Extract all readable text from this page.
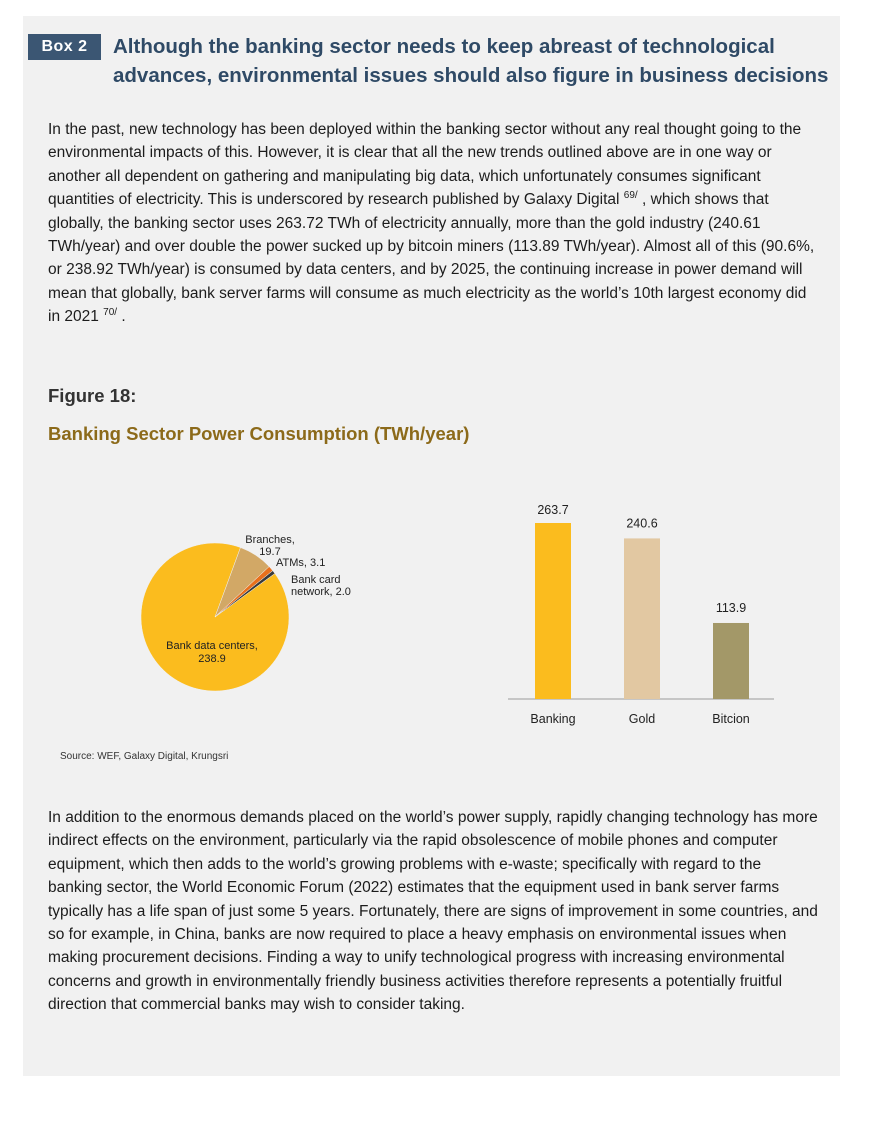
Box 2	Although the banking sector needs to keep abreast of technological
advances, environmental issues should also figure in business decisions

In the past, new technology has been deployed within the banking sector without any real thought going to the environmental impacts of this. However, it is clear that all the new trends outlined above are in one way or another all dependent on gathering and manipulating big data, which unfortunately consumes significant quantities of electricity. This is underscored by research published by Galaxy Digital $^{69/}$ , which shows that globally, the banking sector uses 263.72 TWh of electricity annually, more than the gold industry (240.61 TWh/year) and over double the power sucked up by bitcoin miners (113.89 TWh/year). Almost all of this (90.6%, or 238.92 TWh/year) is consumed by data centers, and by 2025, the continuing increase in power demand will mean that globally, bank server farms will consume as much electricity as the world’s 10th largest economy did in 2021 $^{70/}$ .

Figure 18:
Banking Sector Power Consumption (TWh/year)
Bank data centers,
238.9
Branches,
19.7
ATMs, 3.1
Bank card
network, 2.0
263.7
Banking
240.6
Gold
113.9
Bitcion
Source: WEF, Galaxy Digital, Krungsri

In addition to the enormous demands placed on the world’s power supply, rapidly changing technology has more indirect effects on the environment, particularly via the rapid obsolescence of mobile phones and computer equipment, which then adds to the world’s growing problems with e-waste; specifically with regard to the banking sector, the World Economic Forum (2022) estimates that the equipment used in bank server farms typically has a life span of just some 5 years. Fortunately, there are signs of improvement in some countries, and so for example, in China, banks are now required to place a heavy emphasis on environmental issues when making procurement decisions. Finding a way to unify technological progress with increasing environmental concerns and growth in environmentally friendly business activities therefore represents a potentially fruitful direction that commercial banks may wish to consider taking.
